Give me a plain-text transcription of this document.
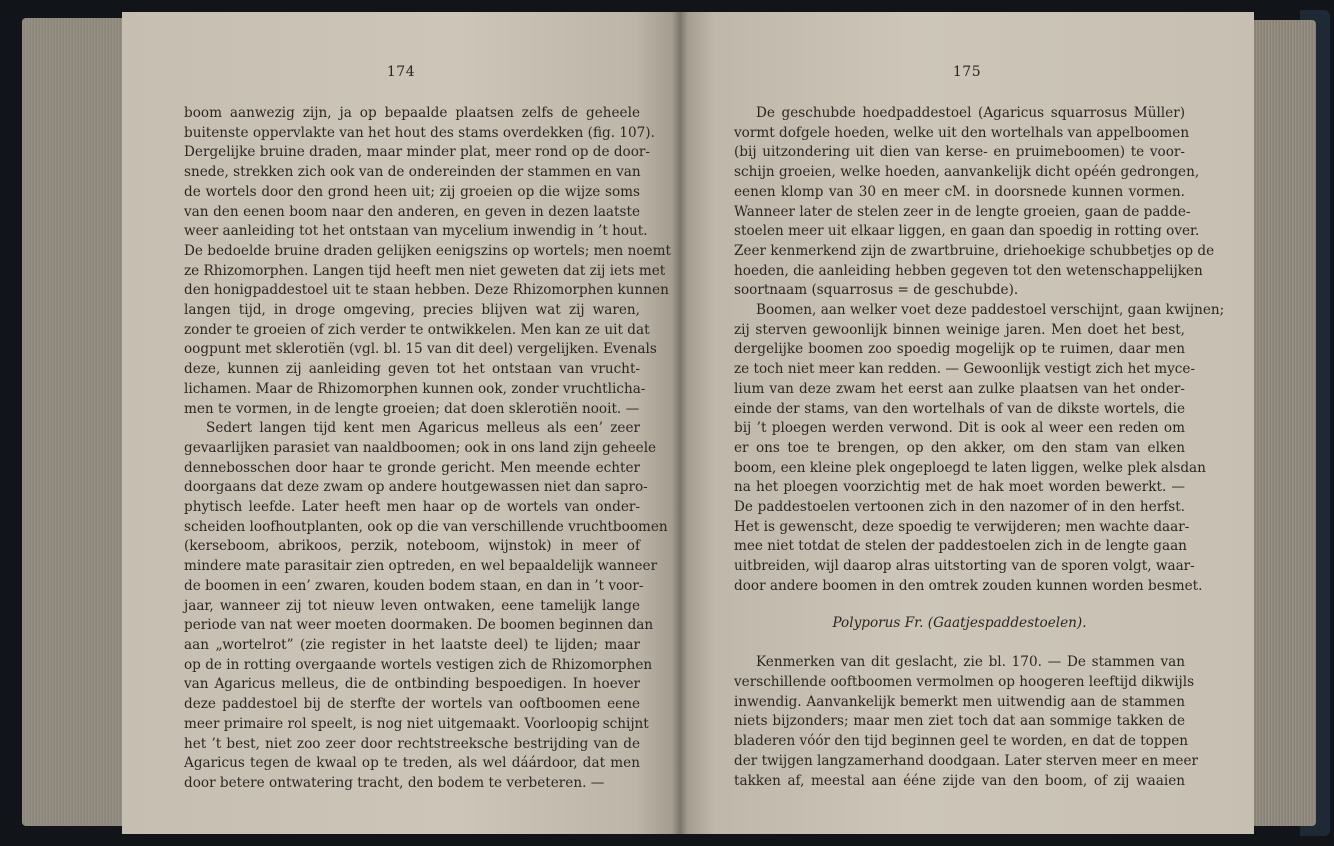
174
boom aanwezig zijn, ja op bepaalde plaatsen zelfs de geheele
buitenste oppervlakte van het hout des stams overdekken (fig. 107).
Dergelijke bruine draden, maar minder plat, meer rond op de door-
snede, strekken zich ook van de ondereinden der stammen en van
de wortels door den grond heen uit; zij groeien op die wijze soms
van den eenen boom naar den anderen, en geven in dezen laatste
weer aanleiding tot het ontstaan van mycelium inwendig in ’t hout.
De bedoelde bruine draden gelijken eenigszins op wortels; men noemt
ze Rhizomorphen. Langen tijd heeft men niet geweten dat zij iets met
den honigpaddestoel uit te staan hebben. Deze Rhizomorphen kunnen
langen tijd, in droge omgeving, precies blijven wat zij waren,
zonder te groeien of zich verder te ontwikkelen. Men kan ze uit dat
oogpunt met sklerotiën (vgl. bl. 15 van dit deel) vergelijken. Evenals
deze, kunnen zij aanleiding geven tot het ontstaan van vrucht-
lichamen. Maar de Rhizomorphen kunnen ook, zonder vruchtlicha-
men te vormen, in de lengte groeien; dat doen sklerotiën nooit. —
Sedert langen tijd kent men Agaricus melleus als een’ zeer
gevaarlijken parasiet van naaldboomen; ook in ons land zijn geheele
dennebosschen door haar te gronde gericht. Men meende echter
doorgaans dat deze zwam op andere houtgewassen niet dan sapro-
phytisch leefde. Later heeft men haar op de wortels van onder-
scheiden loofhoutplanten, ook op die van verschillende vruchtboomen
(kerseboom, abrikoos, perzik, noteboom, wijnstok) in meer of
mindere mate parasitair zien optreden, en wel bepaaldelijk wanneer
de boomen in een’ zwaren, kouden bodem staan, en dan in ’t voor-
jaar, wanneer zij tot nieuw leven ontwaken, eene tamelijk lange
periode van nat weer moeten doormaken. De boomen beginnen dan
aan „wortelrot” (zie register in het laatste deel) te lijden; maar
op de in rotting overgaande wortels vestigen zich de Rhizomorphen
van Agaricus melleus, die de ontbinding bespoedigen. In hoever
deze paddestoel bij de sterfte der wortels van ooftboomen eene
meer primaire rol speelt, is nog niet uitgemaakt. Voorloopig schijnt
het ’t best, niet zoo zeer door rechtstreeksche bestrijding van de
Agaricus tegen de kwaal op te treden, als wel dáárdoor, dat men
door betere ontwatering tracht, den bodem te verbeteren. —
175
De geschubde hoedpaddestoel (Agaricus squarrosus Müller)
vormt dofgele hoeden, welke uit den wortelhals van appelboomen
(bij uitzondering uit dien van kerse- en pruimeboomen) te voor-
schijn groeien, welke hoeden, aanvankelijk dicht opéén gedrongen,
eenen klomp van 30 en meer cM. in doorsnede kunnen vormen.
Wanneer later de stelen zeer in de lengte groeien, gaan de padde-
stoelen meer uit elkaar liggen, en gaan dan spoedig in rotting over.
Zeer kenmerkend zijn de zwartbruine, driehoekige schubbetjes op de
hoeden, die aanleiding hebben gegeven tot den wetenschappelijken
soortnaam (squarrosus = de geschubde).
Boomen, aan welker voet deze paddestoel verschijnt, gaan kwijnen;
zij sterven gewoonlijk binnen weinige jaren. Men doet het best,
dergelijke boomen zoo spoedig mogelijk op te ruimen, daar men
ze toch niet meer kan redden. — Gewoonlijk vestigt zich het myce-
lium van deze zwam het eerst aan zulke plaatsen van het onder-
einde der stams, van den wortelhals of van de dikste wortels, die
bij ’t ploegen werden verwond. Dit is ook al weer een reden om
er ons toe te brengen, op den akker, om den stam van elken
boom, een kleine plek ongeploegd te laten liggen, welke plek alsdan
na het ploegen voorzichtig met de hak moet worden bewerkt. —
De paddestoelen vertoonen zich in den nazomer of in den herfst.
Het is gewenscht, deze spoedig te verwijderen; men wachte daar-
mee niet totdat de stelen der paddestoelen zich in de lengte gaan
uitbreiden, wijl daarop alras uitstorting van de sporen volgt, waar-
door andere boomen in den omtrek zouden kunnen worden besmet.
Polyporus Fr. (Gaatjespaddestoelen).
Kenmerken van dit geslacht, zie bl. 170. — De stammen van
verschillende ooftboomen vermolmen op hoogeren leeftijd dikwijls
inwendig. Aanvankelijk bemerkt men uitwendig aan de stammen
niets bijzonders; maar men ziet toch dat aan sommige takken de
bladeren vóór den tijd beginnen geel te worden, en dat de toppen
der twijgen langzamerhand doodgaan. Later sterven meer en meer
takken af, meestal aan ééne zijde van den boom, of zij waaien
